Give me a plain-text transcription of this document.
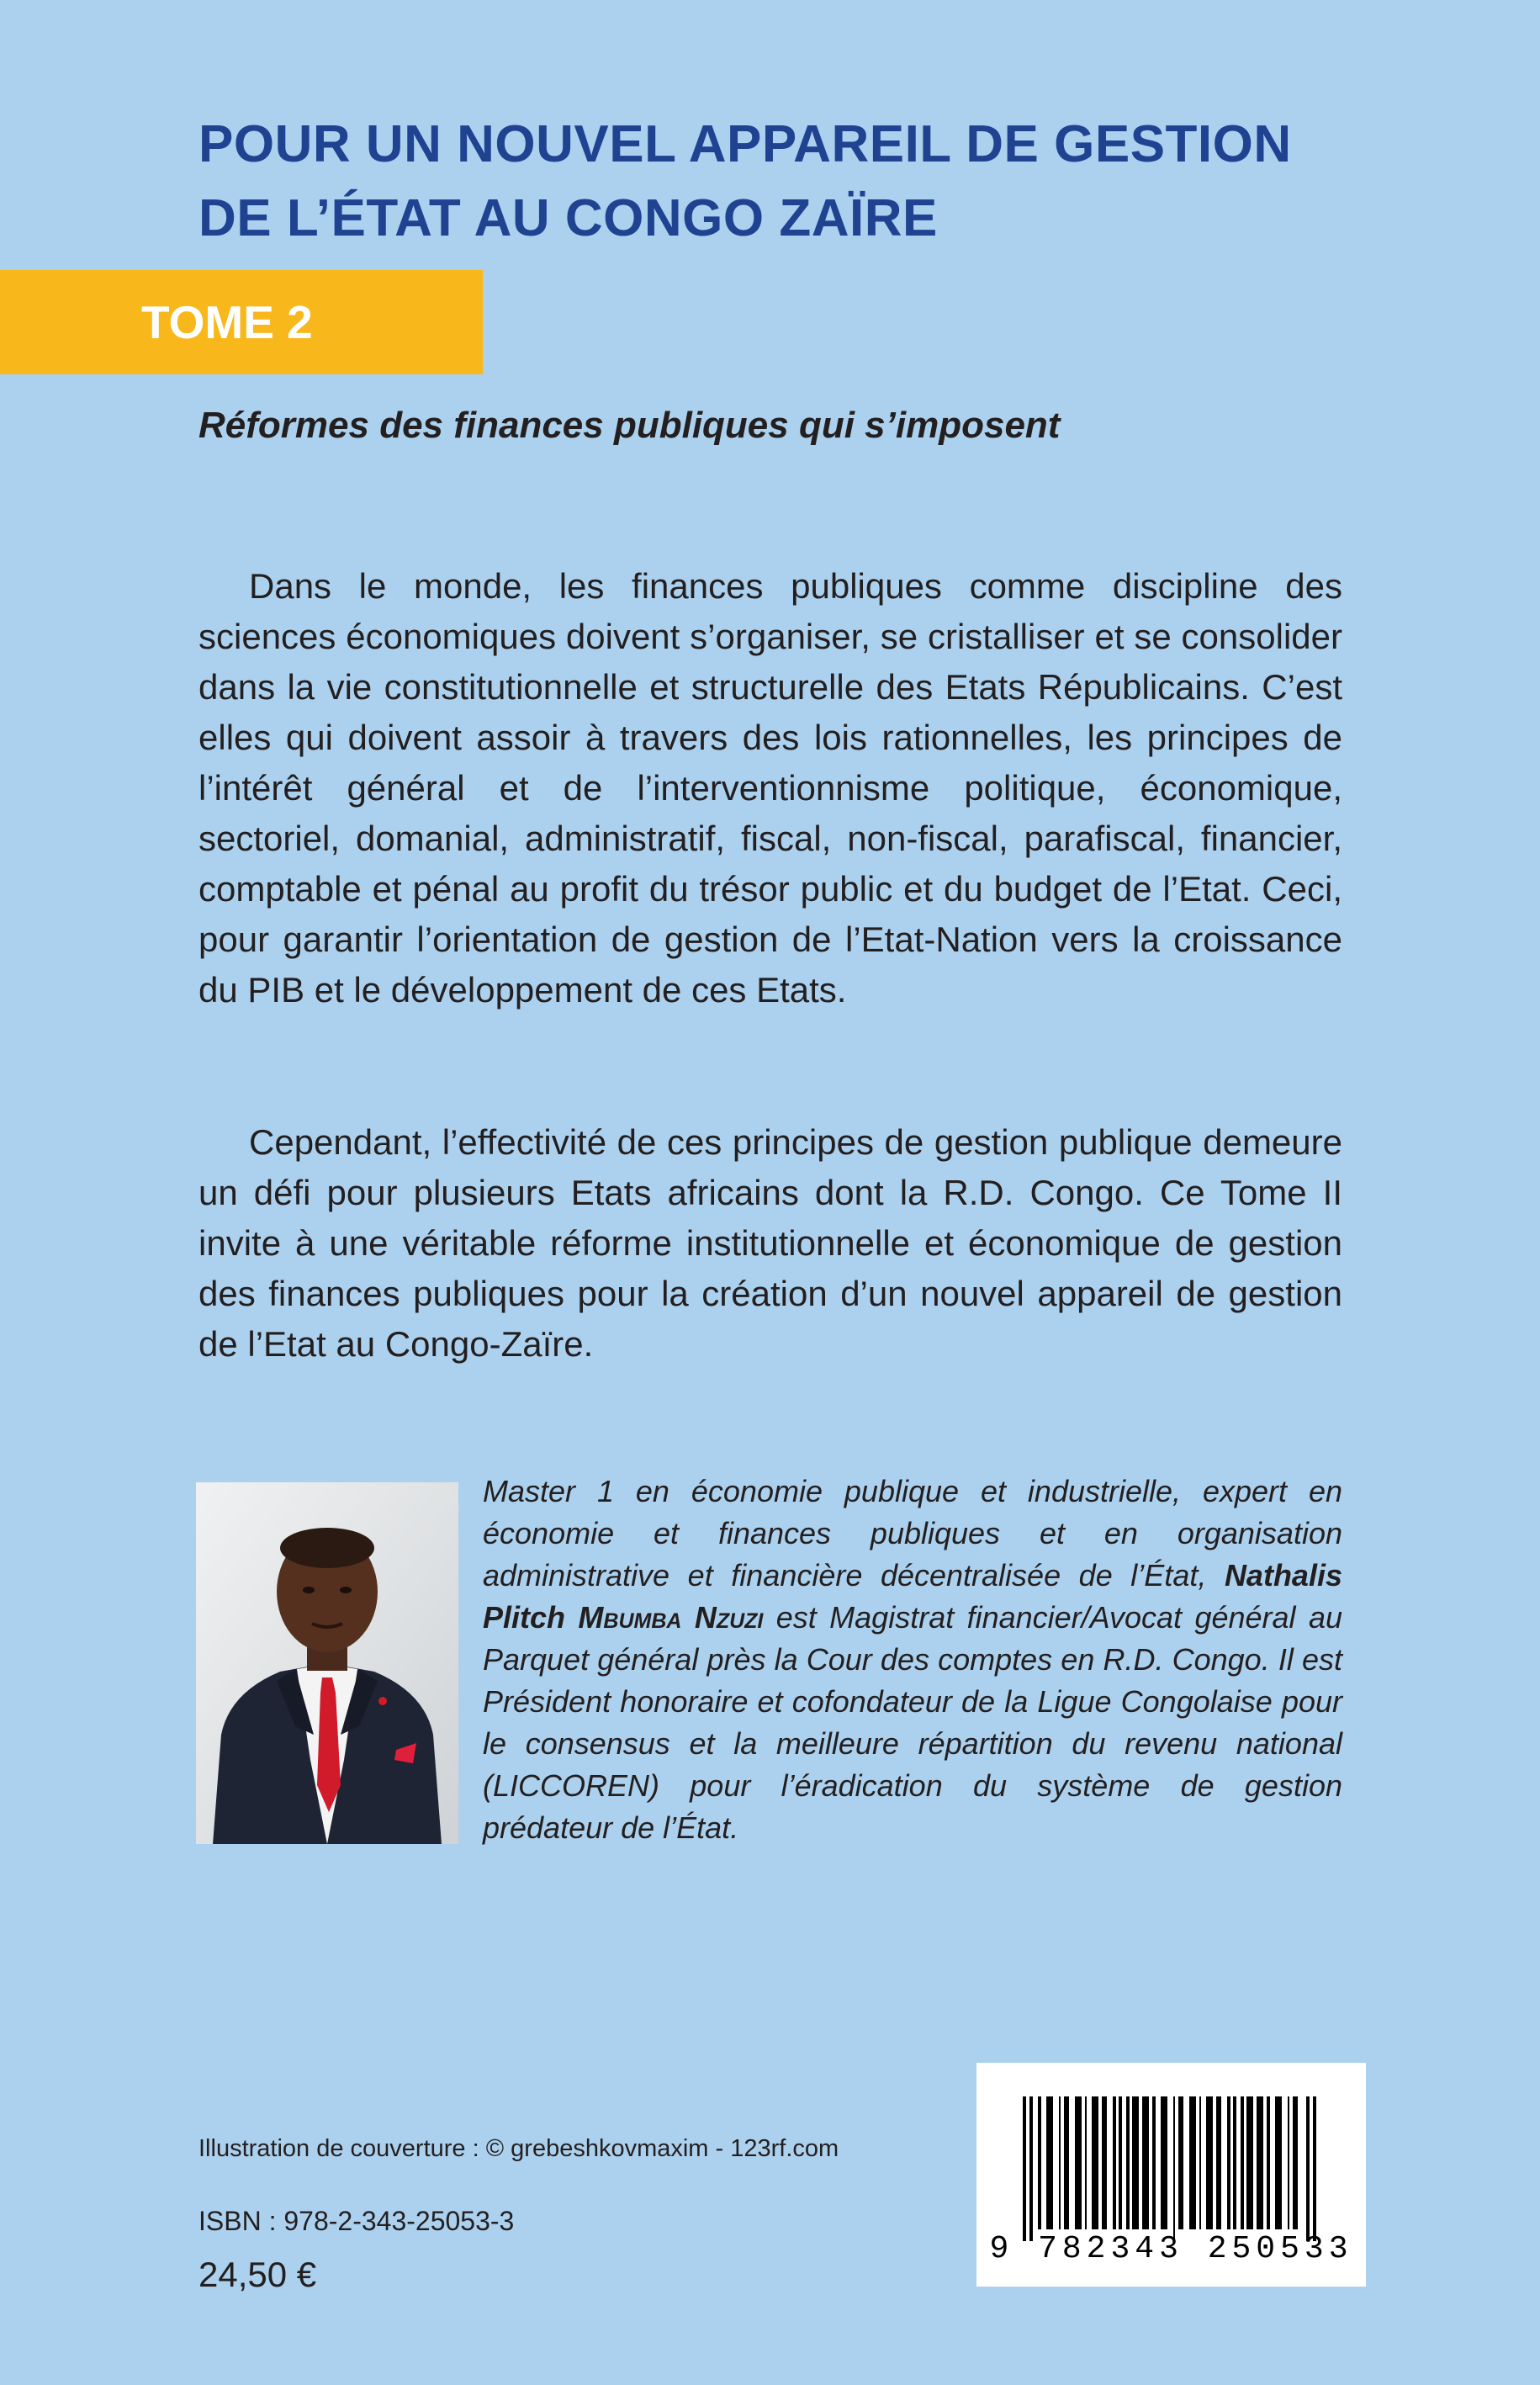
POUR UN NOUVEL APPAREIL DE GESTION
DE L’ÉTAT AU CONGO ZAÏRE
TOME 2
Réformes des finances publiques qui s’imposent

Dans le monde, les finances publiques comme discipline des sciences économiques doivent s’organiser, se cristalliser et se consolider dans la vie constitutionnelle et structurelle des Etats Républicains. C’est elles qui doivent assoir à travers des lois rationnelles, les principes de l’intérêt général et de l’interventionnisme politique, économique, sectoriel, domanial, administratif, fiscal, non-fiscal, parafiscal, financier, comptable et pénal au profit du trésor public et du budget de l’Etat. Ceci, pour garantir l’orientation de gestion de l’Etat-Nation vers la croissance du PIB et le développement de ces Etats.

Cependant, l’effectivité de ces principes de gestion publique demeure un défi pour plusieurs Etats africains dont la R.D. Congo. Ce Tome II invite à une véritable réforme institutionnelle et économique de gestion des finances publiques pour la création d’un nouvel appareil de gestion de l’Etat au Congo-Zaïre.

Master 1 en économie publique et industrielle, expert en économie et finances publiques et en organisation administrative et financière décentralisée de l’État, Nathalis Plitch Mbumba Nzuzi est Magistrat financier/Avocat général au Parquet général près la Cour des comptes en R.D. Congo. Il est Président honoraire et cofondateur de la Ligue Congolaise pour le consensus et la meilleure répartition du revenu national (LICCOREN) pour l’éradication du système de gestion prédateur de l’État.

Illustration de couverture : © grebeshkovmaxim - 123rf.com
ISBN : 978-2-343-25053-3
24,50 €
9 782343 250533
